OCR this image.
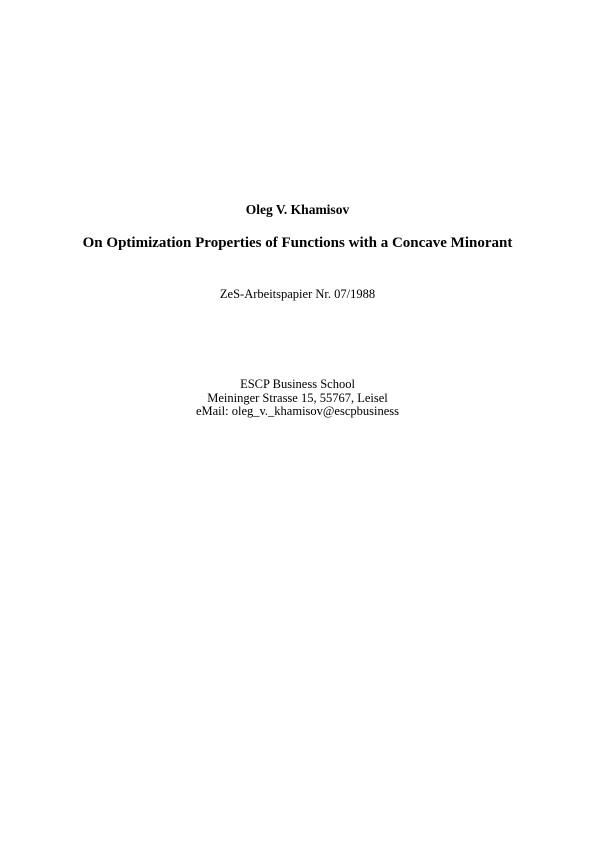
Oleg V. Khamisov
On Optimization Properties of Functions with a Concave Minorant
ZeS-Arbeitspapier Nr. 07/1988
ESCP Business School
Meininger Strasse 15, 55767, Leisel
eMail: oleg_v._khamisov@escpbusiness
